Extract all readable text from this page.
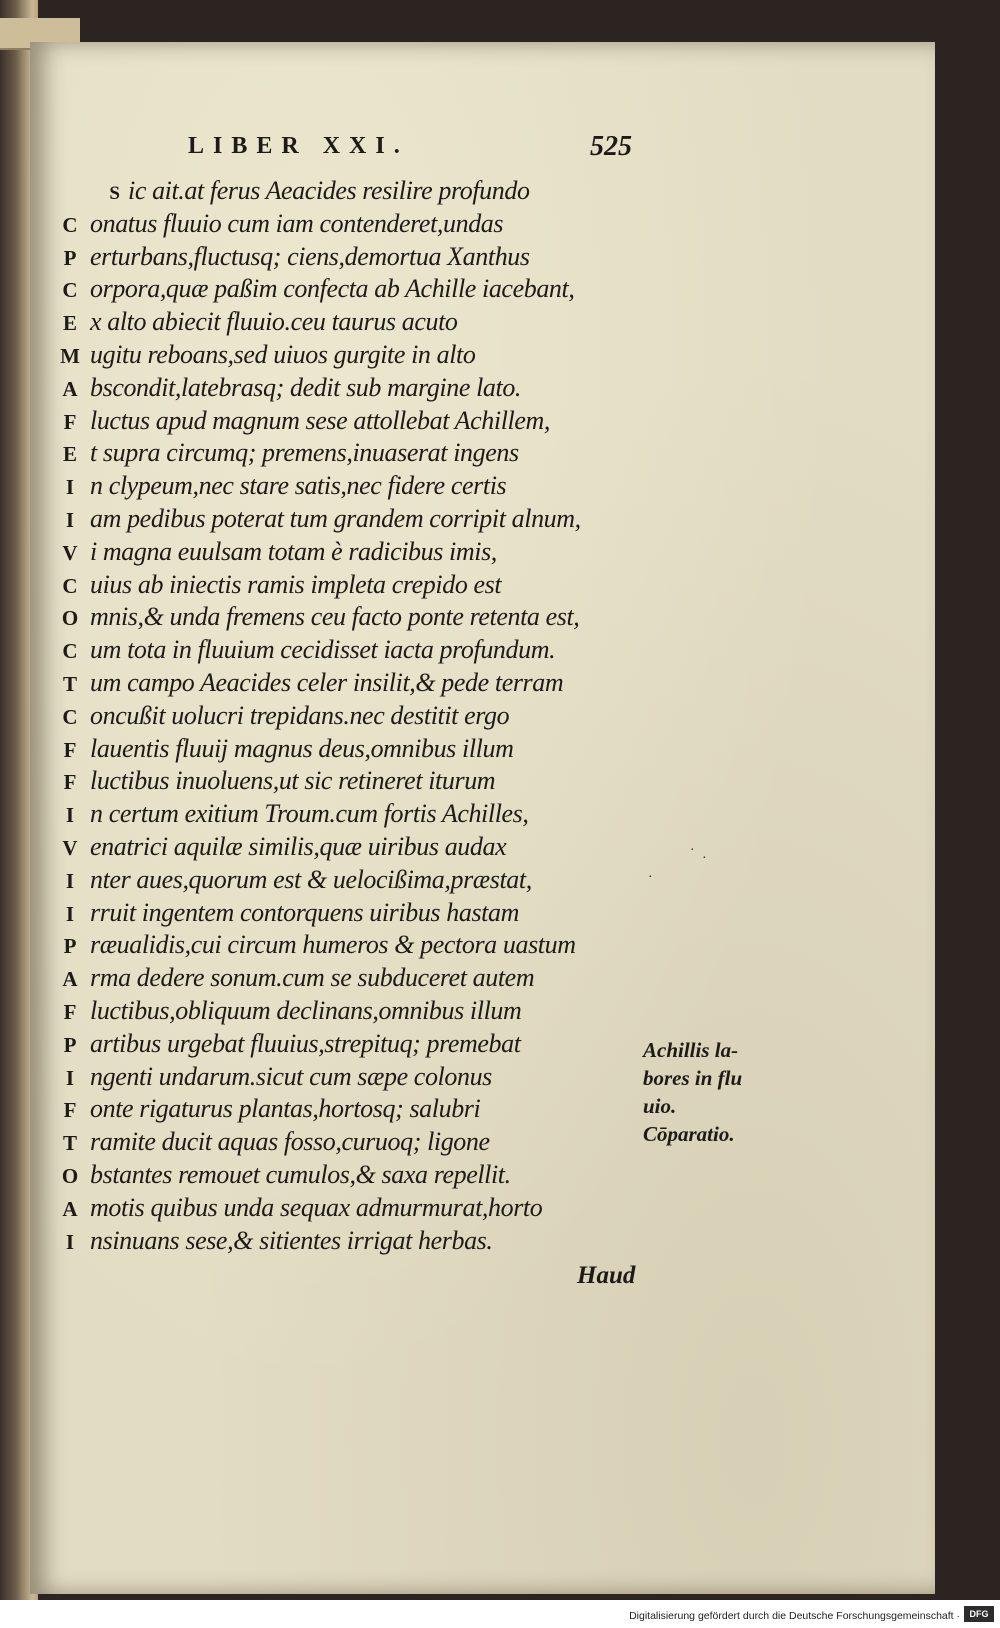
LIBER XXI.	525
S ic ait.at ferus Aeacides resilire profundo
C onatus fluuio cum iam contenderet,undas
P erturbans,fluctusq; ciens,demortua Xanthus
C orpora,quæ paßim confecta ab Achille iacebant,
E x alto abiecit fluuio.ceu taurus acuto
M ugitu reboans,sed uiuos gurgite in alto
A bscondit,latebrasq; dedit sub margine lato.
F luctus apud magnum sese attollebat Achillem,
E t supra circumq; premens,inuaserat ingens
I n clypeum,nec stare satis,nec fidere certis
I am pedibus poterat tum grandem corripit alnum,
V i magna euulsam totam è radicibus imis,
C uius ab iniectis ramis impleta crepido est
O mnis,& unda fremens ceu facto ponte retenta est,
C um tota in fluuium cecidisset iacta profundum.
T um campo Aeacides celer insilit,& pede terram
C oncußit uolucri trepidans.nec destitit ergo
F lauentis fluuij magnus deus,omnibus illum
F luctibus inuoluens,ut sic retineret iturum
I n certum exitium Troum.cum fortis Achilles,
V enatrici aquilæ similis,quæ uiribus audax
I nter aues,quorum est & uelocißima,præstat,
I rruit ingentem contorquens uiribus hastam
P ræualidis,cui circum humeros & pectora uastum
A rma dedere sonum.cum se subduceret autem
F luctibus,obliquum declinans,omnibus illum
P artibus urgebat fluuius,strepituq; premebat
I ngenti undarum.sicut cum sæpe colonus
F onte rigaturus plantas,hortosq; salubri
T ramite ducit aquas fosso,curuoq; ligone
O bstantes remouet cumulos,& saxa repellit.
A motis quibus unda sequax admurmurat,horto
I nsinuans sese,& sitientes irrigat herbas.
Achillis la-
bores in flu
uio.
Cōparatio.
Haud
·
·
·
Digitalisierung gefördert durch die Deutsche Forschungsgemeinschaft ·	DFG
